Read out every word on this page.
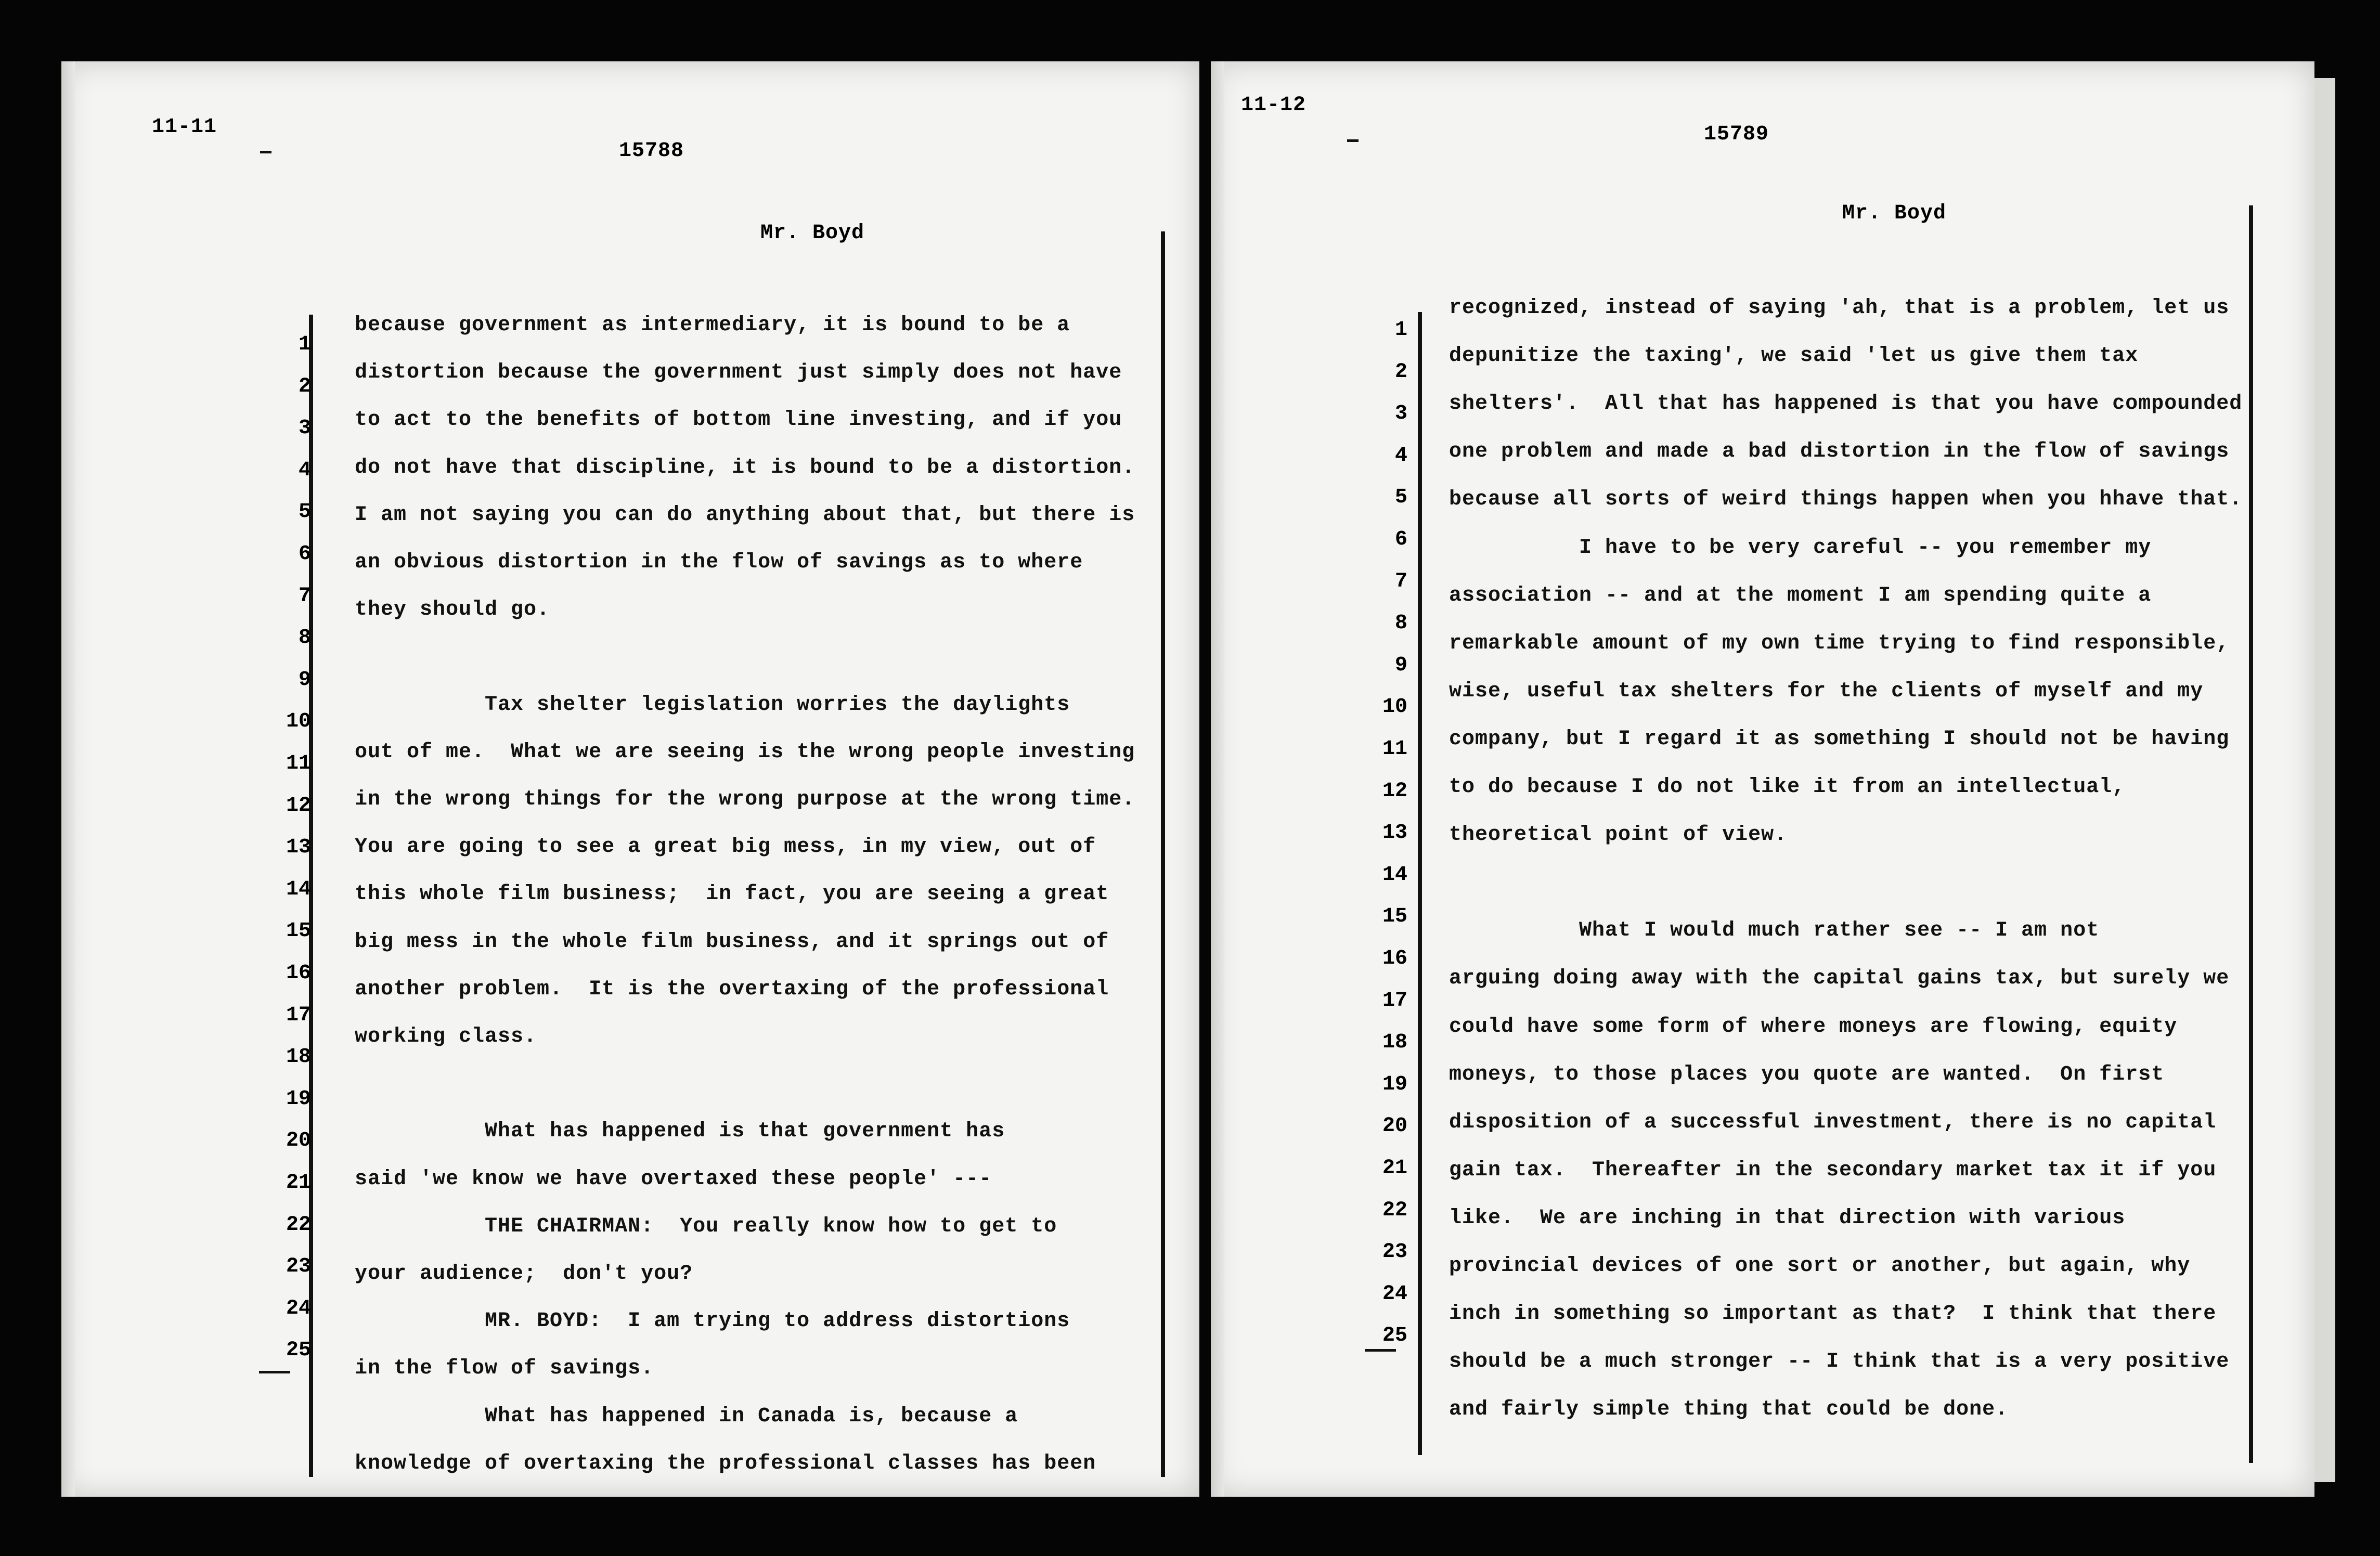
11-11
15788
Mr. Boyd
1
because government as intermediary, it is bound to be a
2
distortion because the government just simply does not have
3 to act to the benefits of bottom line investing, and if you
4 do not have that discipline, it is bound to be a distortion.
5 I am not saying you can do anything about that, but there is
6 an obvious distortion in the flow of savings as to where
7
they should go.
8
9
Tax shelter legislation worries the daylights
10
out of me.  What we are seeing is the wrong people investing
11
in the wrong things for the wrong purpose at the wrong time.
12
You are going to see a great big mess, in my view, out of
13
this whole film business;  in fact, you are seeing a great
14
big mess in the whole film business, and it springs out of
15
another problem.  It is the overtaxing of the professional
16
working class.
17
18
What has happened is that government has
19
said 'we know we have overtaxed these people' ---
20
THE CHAIRMAN:  You really know how to get to
21
your audience;  don't you?
22
MR. BOYD:  I am trying to address distortions
23
in the flow of savings.
24
What has happened in Canada is, because a
25
knowledge of overtaxing the professional classes has been
11-12
15789
Mr. Boyd
1
recognized, instead of saying 'ah, that is a problem, let us
2
depunitize the taxing', we said 'let us give them tax
3 shelters'.  All that has happened is that you have compounded
4 one problem and made a bad distortion in the flow of savings
5 because all sorts of weird things happen when you hhave that.
6 I have to be very careful -- you remember my
7
association -- and at the moment I am spending quite a
8
remarkable amount of my own time trying to find responsible,
9
wise, useful tax shelters for the clients of myself and my
10
company, but I regard it as something I should not be having
11
to do because I do not like it from an intellectual,
12
theoretical point of view.
13
14
What I would much rather see -- I am not
15
arguing doing away with the capital gains tax, but surely we
16
could have some form of where moneys are flowing, equity
17
moneys, to those places you quote are wanted.  On first
18
disposition of a successful investment, there is no capital
19
gain tax.  Thereafter in the secondary market tax it if you
20
like.  We are inching in that direction with various
21
provincial devices of one sort or another, but again, why
22
inch in something so important as that?  I think that there
23
should be a much stronger -- I think that is a very positive
24
and fairly simple thing that could be done.
25
